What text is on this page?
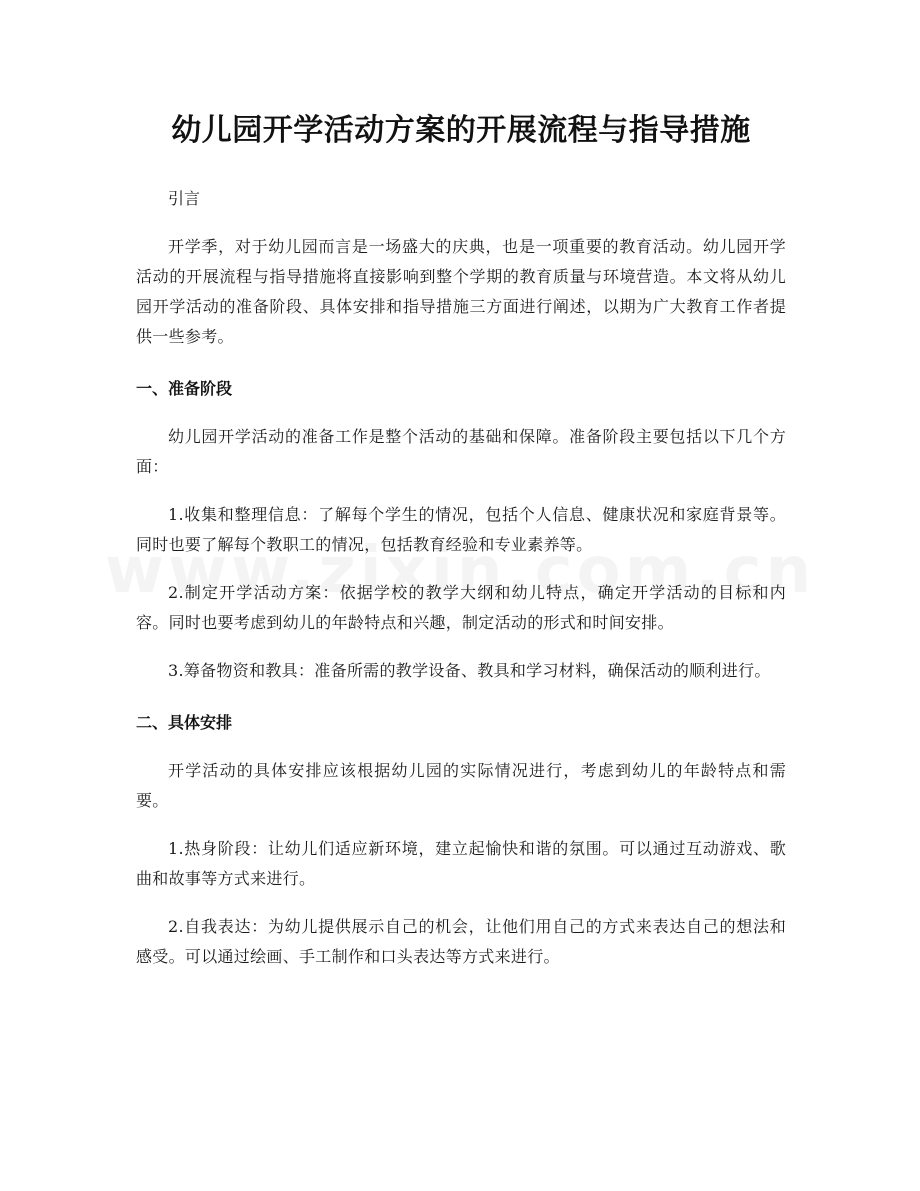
幼儿园开学活动方案的开展流程与指导措施

引言

开学季，对于幼儿园而言是一场盛大的庆典，也是一项重要的教育活动。幼儿园开学活动的开展流程与指导措施将直接影响到整个学期的教育质量与环境营造。本文将从幼儿园开学活动的准备阶段、具体安排和指导措施三方面进行阐述，以期为广大教育工作者提供一些参考。

一、准备阶段

幼儿园开学活动的准备工作是整个活动的基础和保障。准备阶段主要包括以下几个方面：

1.收集和整理信息：了解每个学生的情况，包括个人信息、健康状况和家庭背景等。同时也要了解每个教职工的情况，包括教育经验和专业素养等。

2.制定开学活动方案：依据学校的教学大纲和幼儿特点，确定开学活动的目标和内容。同时也要考虑到幼儿的年龄特点和兴趣，制定活动的形式和时间安排。

3.筹备物资和教具：准备所需的教学设备、教具和学习材料，确保活动的顺利进行。

二、具体安排

开学活动的具体安排应该根据幼儿园的实际情况进行，考虑到幼儿的年龄特点和需要。

1.热身阶段：让幼儿们适应新环境，建立起愉快和谐的氛围。可以通过互动游戏、歌曲和故事等方式来进行。

2.自我表达：为幼儿提供展示自己的机会，让他们用自己的方式来表达自己的想法和感受。可以通过绘画、手工制作和口头表达等方式来进行。
